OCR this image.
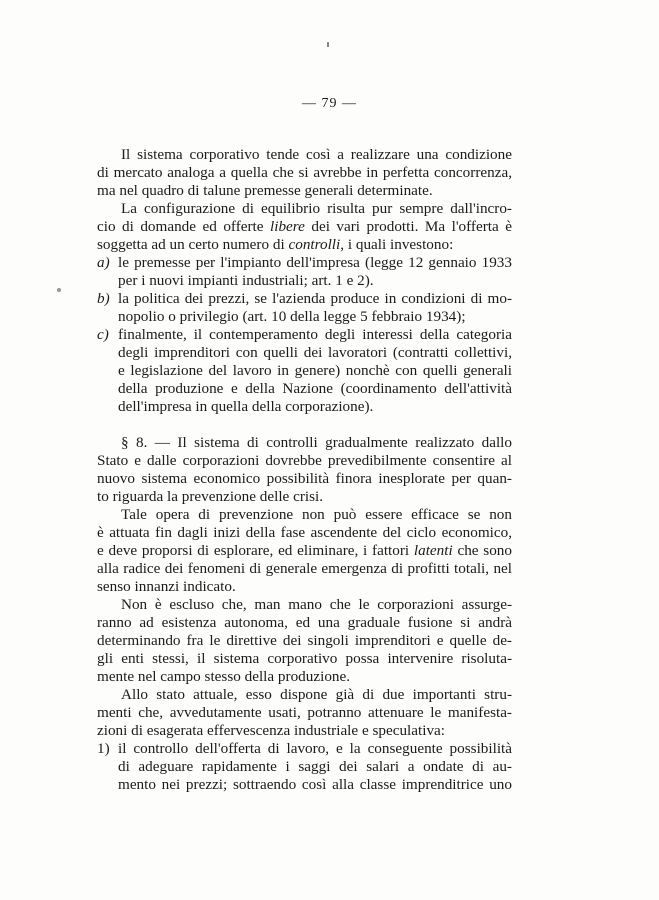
— 79 —
Il sistema corporativo tende così a realizzare una condizione
di mercato analoga a quella che si avrebbe in perfetta concorrenza,
ma nel quadro di talune premesse generali determinate.
La configurazione di equilibrio risulta pur sempre dall'incro-
cio di domande ed offerte libere dei vari prodotti. Ma l'offerta è
soggetta ad un certo numero di controlli, i quali investono:
a) le premesse per l'impianto dell'impresa (legge 12 gennaio 1933
per i nuovi impianti industriali; art. 1 e 2).
b) la politica dei prezzi, se l'azienda produce in condizioni di mo-
nopolio o privilegio (art. 10 della legge 5 febbraio 1934);
c) finalmente, il contemperamento degli interessi della categoria
degli imprenditori con quelli dei lavoratori (contratti collettivi,
e legislazione del lavoro in genere) nonchè con quelli generali
della produzione e della Nazione (coordinamento dell'attività
dell'impresa in quella della corporazione).
§ 8. — Il sistema di controlli gradualmente realizzato dallo
Stato e dalle corporazioni dovrebbe prevedibilmente consentire al
nuovo sistema economico possibilità finora inesplorate per quan-
to riguarda la prevenzione delle crisi.
Tale opera di prevenzione non può essere efficace se non
è attuata fin dagli inizi della fase ascendente del ciclo economico,
e deve proporsi di esplorare, ed eliminare, i fattori latenti che sono
alla radice dei fenomeni di generale emergenza di profitti totali, nel
senso innanzi indicato.
Non è escluso che, man mano che le corporazioni assurge-
ranno ad esistenza autonoma, ed una graduale fusione si andrà
determinando fra le direttive dei singoli imprenditori e quelle de-
gli enti stessi, il sistema corporativo possa intervenire risoluta-
mente nel campo stesso della produzione.
Allo stato attuale, esso dispone già di due importanti stru-
menti che, avvedutamente usati, potranno attenuare le manifesta-
zioni di esagerata effervescenza industriale e speculativa:
1) il controllo dell'offerta di lavoro, e la conseguente possibilità
di adeguare rapidamente i saggi dei salari a ondate di au-
mento nei prezzi; sottraendo così alla classe imprenditrice uno
